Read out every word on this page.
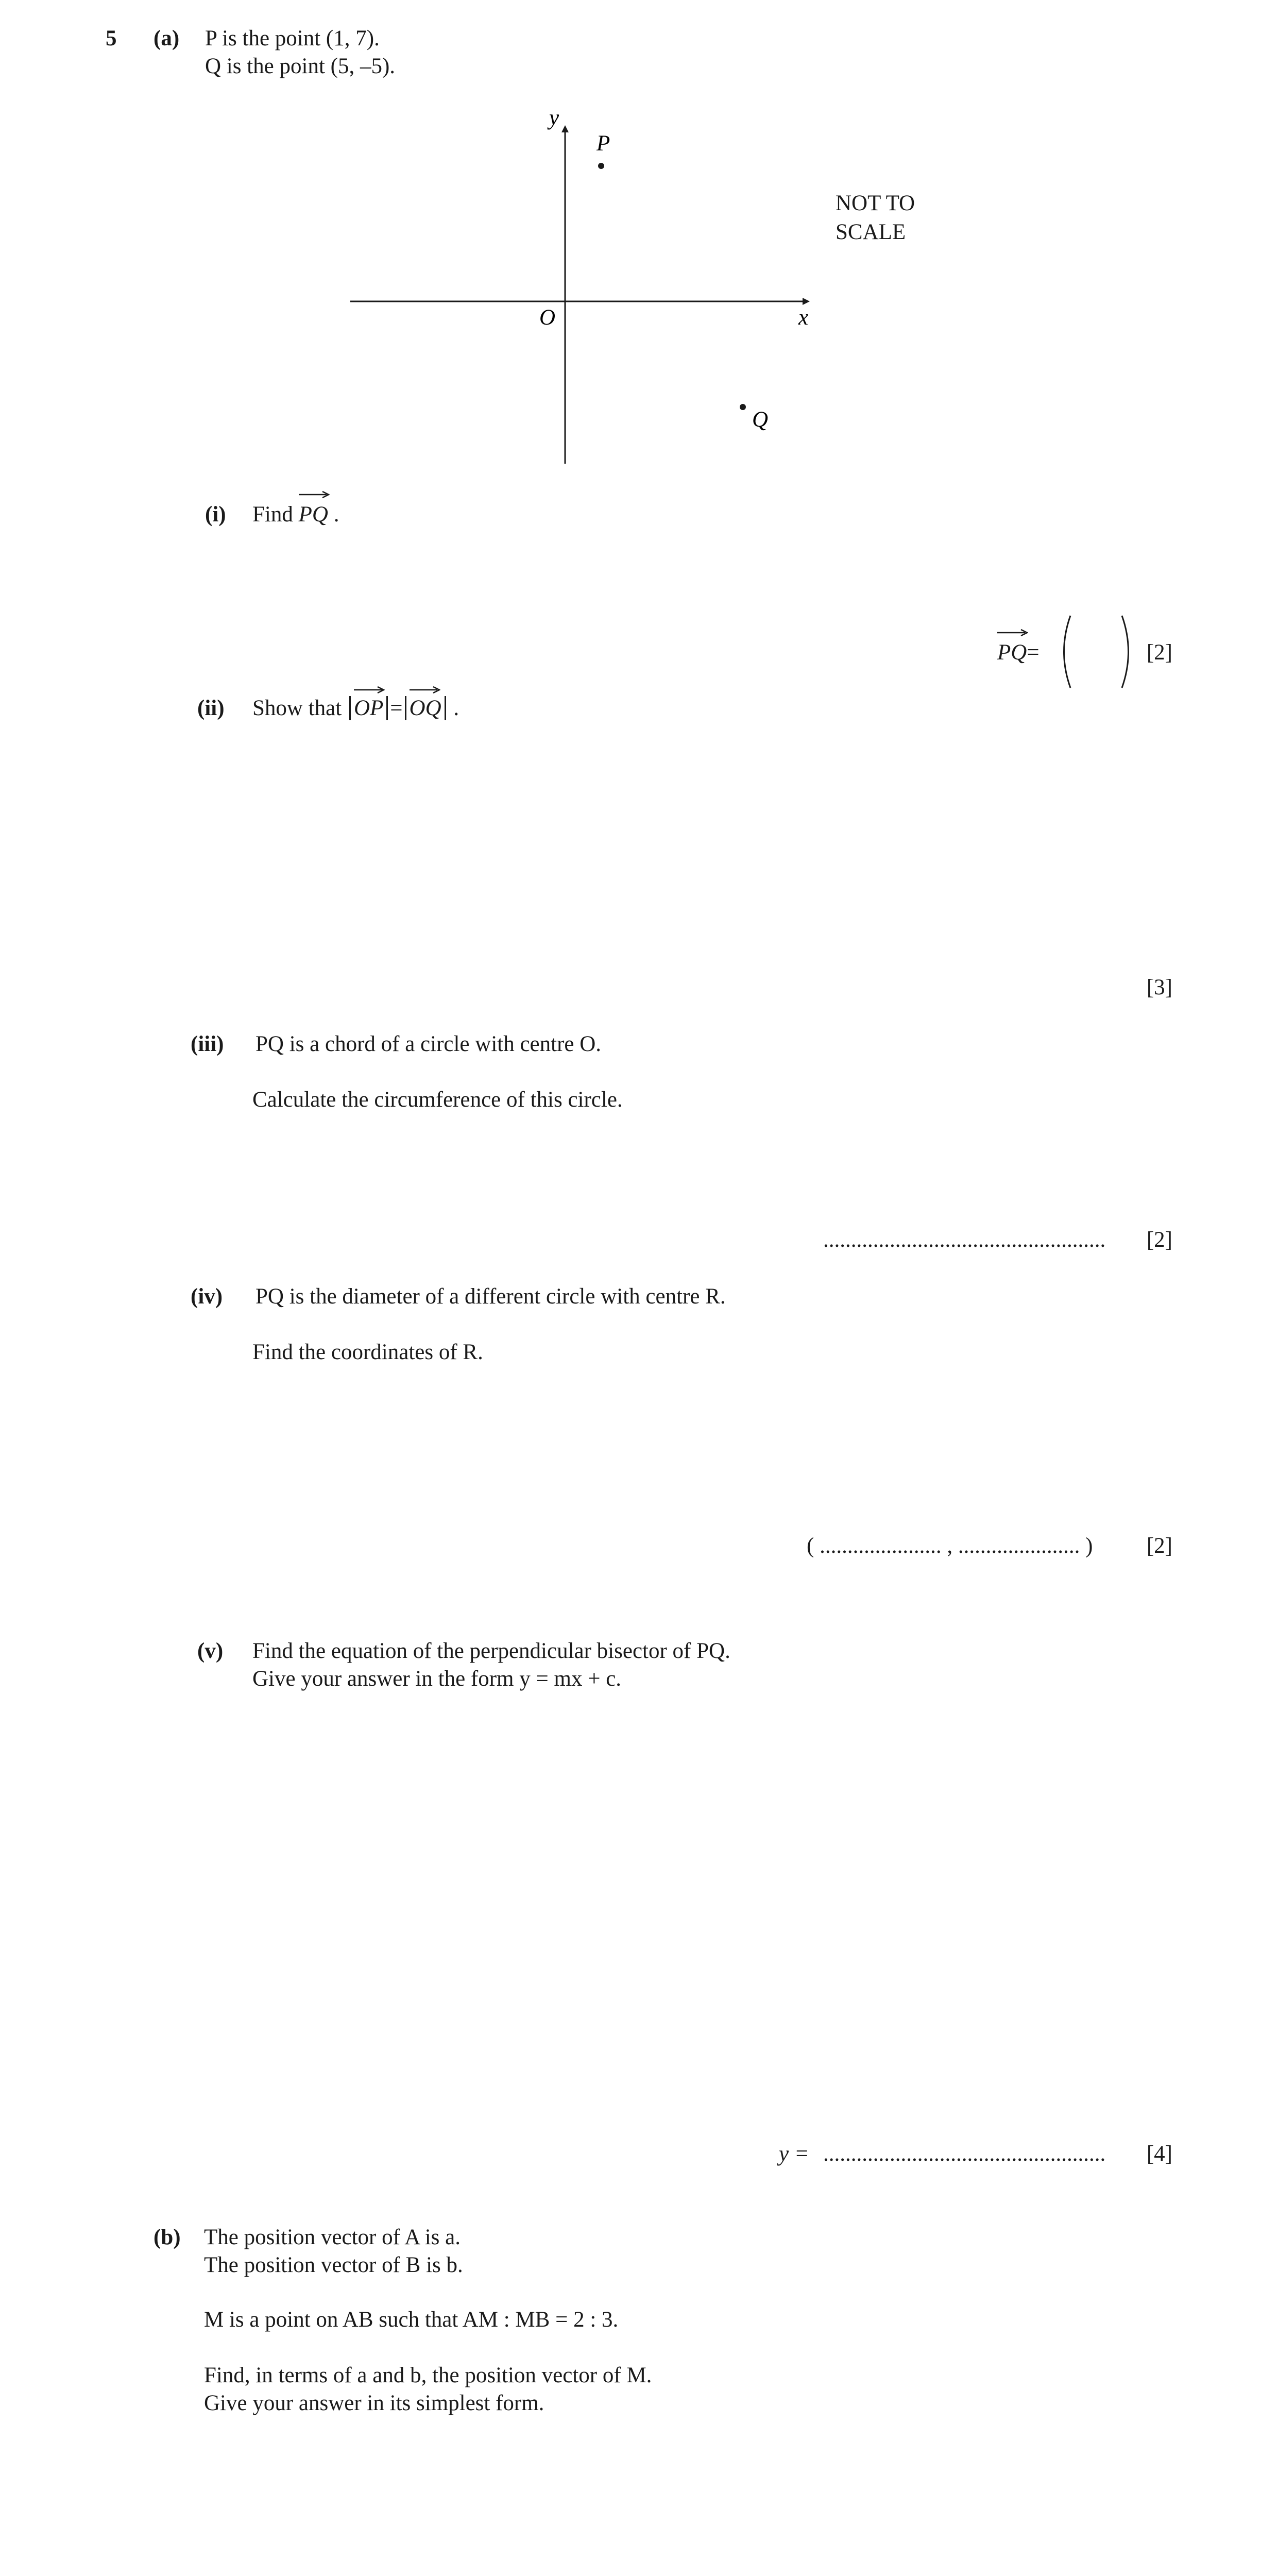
5 (a) P is the point (1, 7).
Q is the point (5, –5).
y
x
O
P
Q
NOT TO
SCALE
(i) Find PQ .
PQ=	[2]
(ii) Show that OP = OQ .
[3]
(iii) PQ is a chord of a circle with centre O.
Calculate the circumference of this circle.
...................................................	[2]
(iv) PQ is the diameter of a different circle with centre R.
Find the coordinates of R.
( ...................... , ...................... )	[2]
(v) Find the equation of the perpendicular bisector of PQ.
Give your answer in the form y = mx + c.
y = ...................................................	[4]
(b) The position vector of A is a.
The position vector of B is b.
M is a point on AB such that AM : MB = 2 : 3.
Find, in terms of a and b, the position vector of M.
Give your answer in its simplest form.
